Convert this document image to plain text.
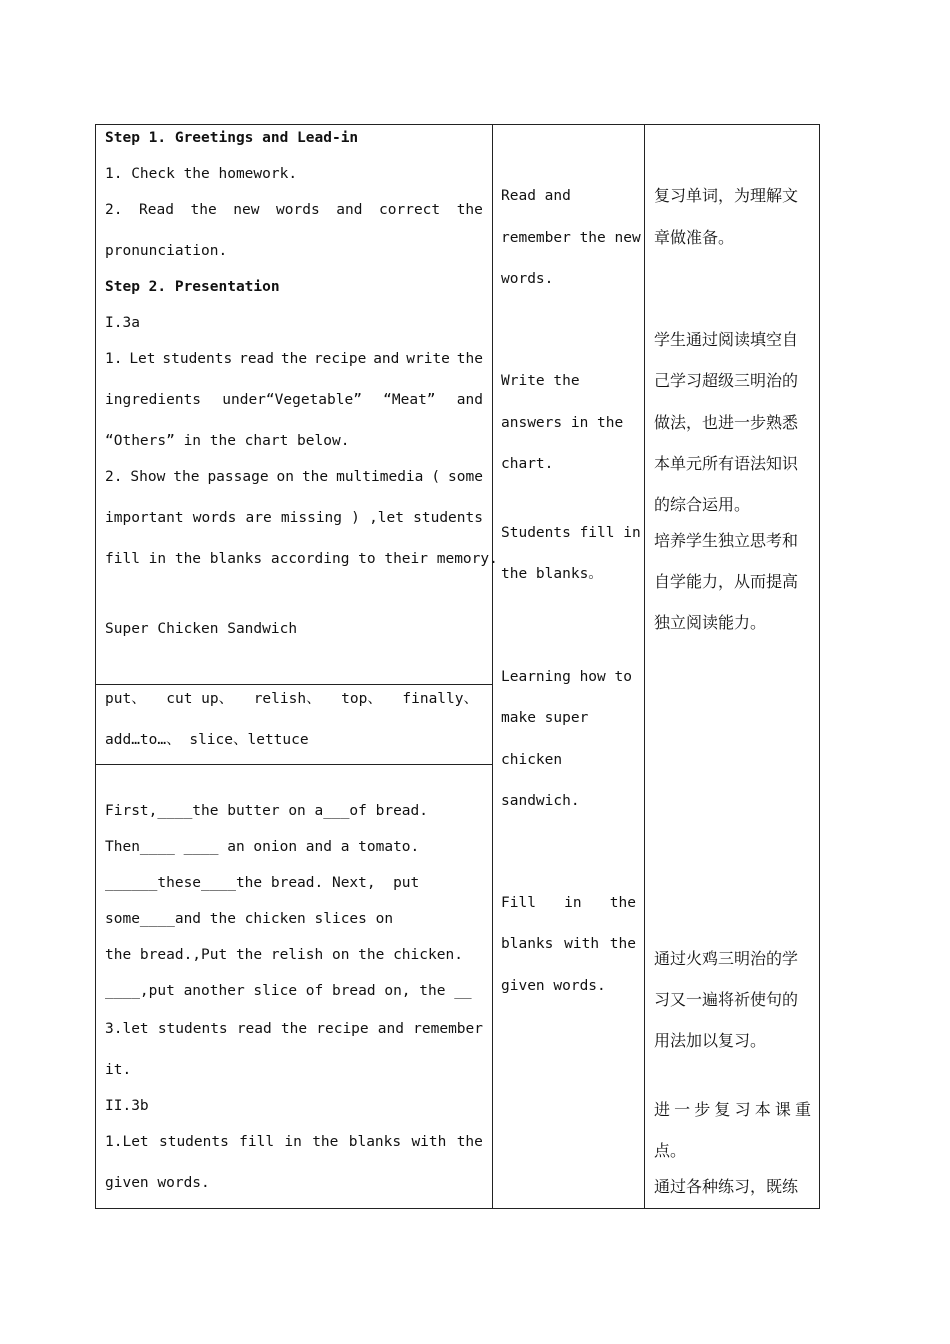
Step 1. Greetings and Lead-in
1. Check the homework.
2. Read the new words and correct the
pronunciation.
Step 2. Presentation
I.3a
1. Let students read the recipe and write the
ingredients under“Vegetable” “Meat” and
“Others” in the chart below.
2. Show the passage on the multimedia ( some
important words are missing ) ,let students
fill in the blanks according to their memory.
Super Chicken Sandwich
put、 cut up、 relish、 top、 finally、
add…to…、 slice、lettuce
First,____the butter on a___of bread.
Then____ ____ an onion and a tomato.
______these____the bread. Next,  put
some____and the chicken slices on
the bread.,Put the relish on the chicken.
____,put another slice of bread on, the __
3.let students read the recipe and remember
it.
II.3b
1.Let students fill in the blanks with the
given words.
Read and
remember the new
words.
Write the
answers in the
chart.
Students fill in
the blanks。
Learning how to
make super
chicken
sandwich.
Fill in the
blanks with the
given words.
复习单词，为理解文
章做准备。
学生通过阅读填空自
己学习超级三明治的
做法，也进一步熟悉
本单元所有语法知识
的综合运用。
培养学生独立思考和
自学能力，从而提高
独立阅读能力。
通过火鸡三明治的学
习又一遍将祈使句的
用法加以复习。
进 一 步 复 习 本 课 重
点。
通过各种练习，既练
